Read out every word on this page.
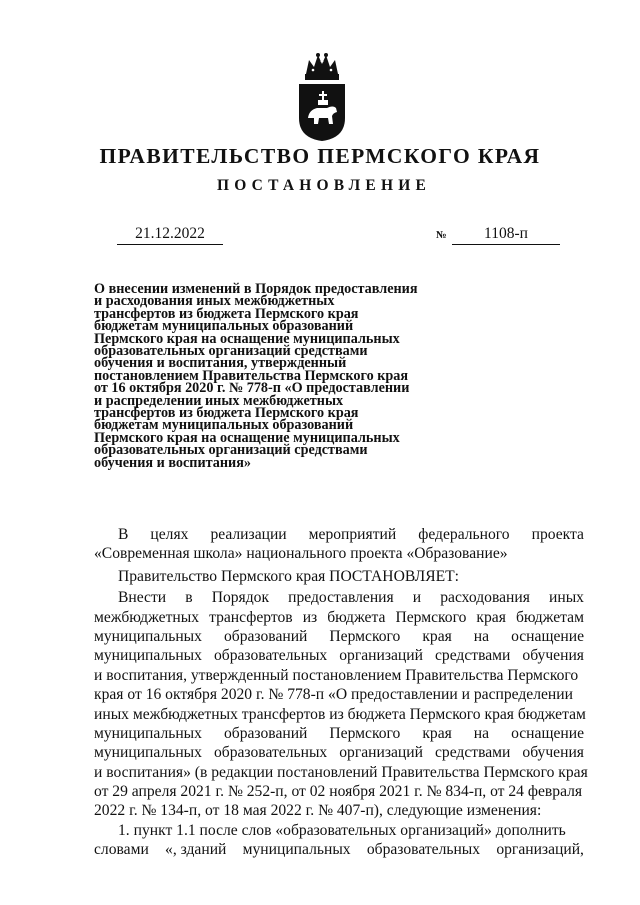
ПРАВИТЕЛЬСТВО ПЕРМСКОГО КРАЯ
ПОСТАНОВЛЕНИЕ
21.12.2022	№	1108-п
О внесении изменений в Порядок предоставления
и расходования иных межбюджетных
трансфертов из бюджета Пермского края
бюджетам муниципальных образований
Пермского края на оснащение муниципальных
образовательных организаций средствами
обучения и воспитания, утвержденный
постановлением Правительства Пермского края
от 16 октября 2020 г. № 778-п «О предоставлении
и распределении иных межбюджетных
трансфертов из бюджета Пермского края
бюджетам муниципальных образований
Пермского края на оснащение муниципальных
образовательных организаций средствами
обучения и воспитания»
В целях реализации мероприятий федерального проекта
«Современная школа» национального проекта «Образование»
Правительство Пермского края ПОСТАНОВЛЯЕТ:
Внести в Порядок предоставления и расходования иных
межбюджетных трансфертов из бюджета Пермского края бюджетам
муниципальных образований Пермского края на оснащение
муниципальных образовательных организаций средствами обучения
и воспитания, утвержденный постановлением Правительства Пермского
края от 16 октября 2020 г. № 778-п «О предоставлении и распределении
иных межбюджетных трансфертов из бюджета Пермского края бюджетам
муниципальных образований Пермского края на оснащение
муниципальных образовательных организаций средствами обучения
и воспитания» (в редакции постановлений Правительства Пермского края
от 29 апреля 2021 г. № 252-п, от 02 ноября 2021 г. № 834-п, от 24 февраля
2022 г. № 134-п, от 18 мая 2022 г. № 407-п), следующие изменения:
1. пункт 1.1 после слов «образовательных организаций» дополнить
словами «, зданий муниципальных образовательных организаций,
